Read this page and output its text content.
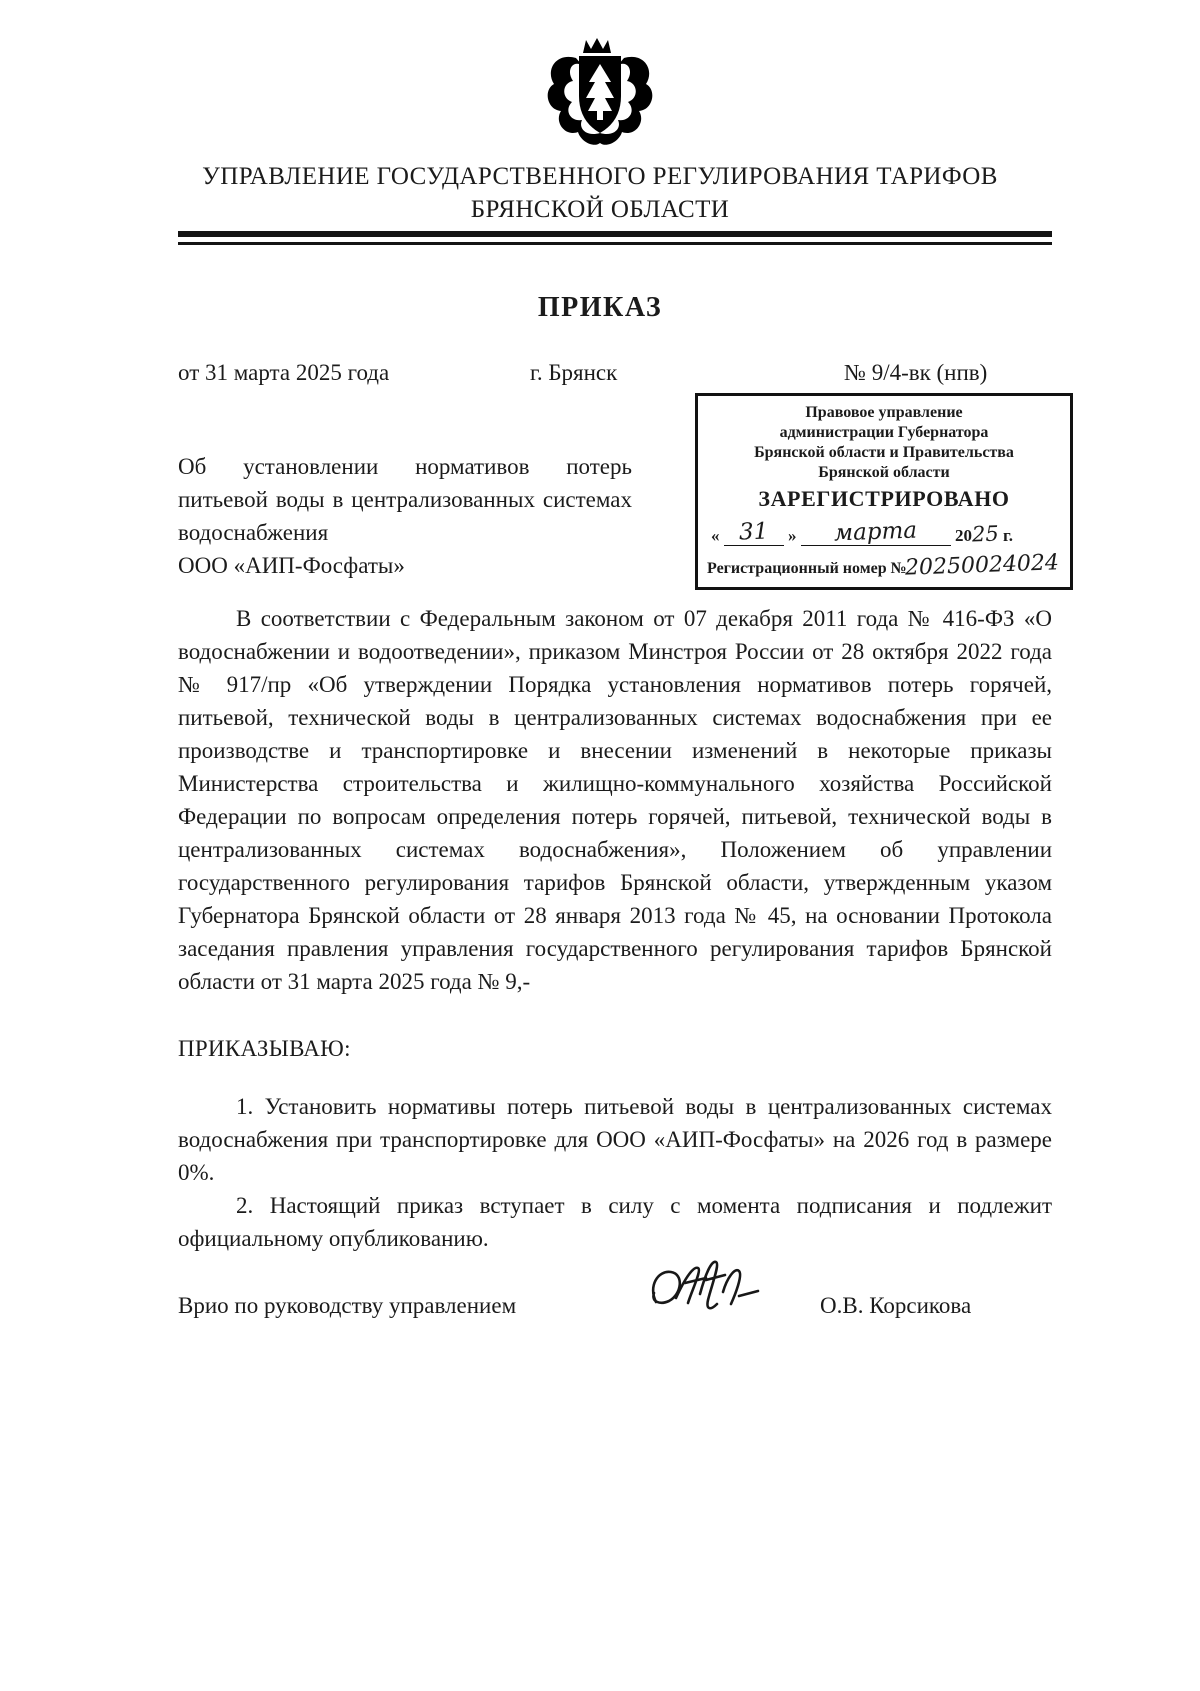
УПРАВЛЕНИЕ ГОСУДАРСТВЕННОГО РЕГУЛИРОВАНИЯ ТАРИФОВ
БРЯНСКОЙ ОБЛАСТИ
ПРИКАЗ
от 31 марта 2025 года	г. Брянск	№ 9/4-вк (нпв)
Правовое управление
администрации Губернатора
Брянской области и Правительства
Брянской области
ЗАРЕГИСТРИРОВАНО
« 31 » марта 2025 г.
Регистрационный номер №
20250024024
Об установлении нормативов потерь питьевой воды в централизованных системах водоснабжения
ООО «АИП-Фосфаты»
В соответствии с Федеральным законом от 07 декабря 2011 года № 416-ФЗ «О водоснабжении и водоотведении», приказом Минстроя России от 28 октября 2022 года № 917/пр «Об утверждении Порядка установления нормативов потерь горячей, питьевой, технической воды в централизованных системах водоснабжения при ее производстве и транспортировке и внесении изменений в некоторые приказы Министерства строительства и жилищно-коммунального хозяйства Российской Федерации по вопросам определения потерь горячей, питьевой, технической воды в централизованных системах водоснабжения», Положением об управлении государственного регулирования тарифов Брянской области, утвержденным указом Губернатора Брянской области от 28 января 2013 года № 45, на основании Протокола заседания правления управления государственного регулирования тарифов Брянской области от 31 марта 2025 года № 9,-
ПРИКАЗЫВАЮ:

1. Установить нормативы потерь питьевой воды в централизованных системах водоснабжения при транспортировке для ООО «АИП-Фосфаты» на 2026 год в размере 0%.

2. Настоящий приказ вступает в силу с момента подписания и подлежит официальному опубликованию.

Врио по руководству управлением	О.В. Корсикова
